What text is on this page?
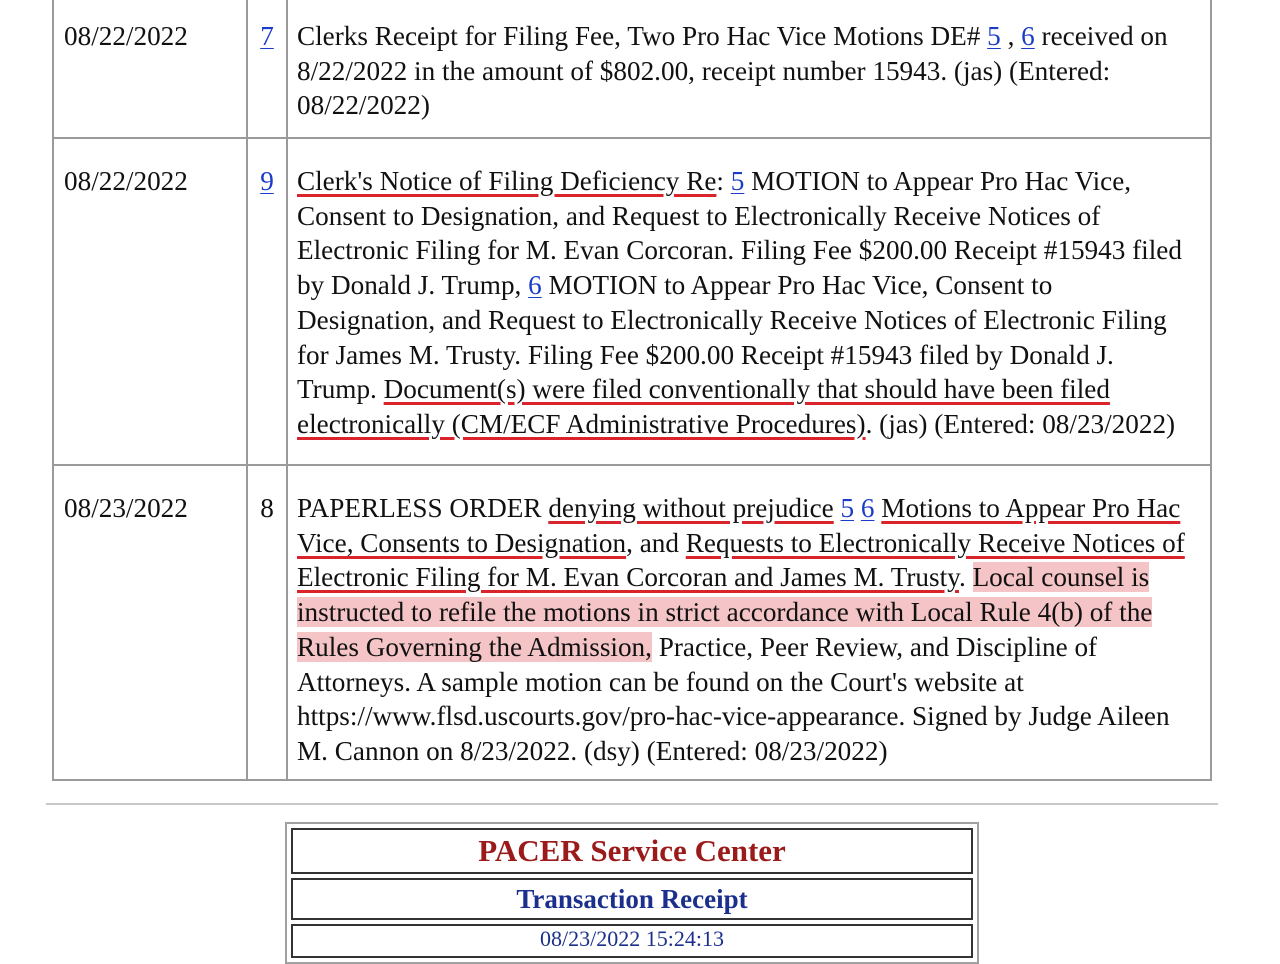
08/22/2022	7	Clerks Receipt for Filing Fee, Two Pro Hac Vice Motions DE# 5 , 6 received on 8/22/2022 in the amount of $802.00, receipt number 15943. (jas) (Entered: 08/22/2022)
08/22/2022	9	Clerk's Notice of Filing Deficiency Re: 5 MOTION to Appear Pro Hac Vice, Consent to Designation, and Request to Electronically Receive Notices of Electronic Filing for M. Evan Corcoran. Filing Fee $200.00 Receipt #15943 filed by Donald J. Trump, 6 MOTION to Appear Pro Hac Vice, Consent to Designation, and Request to Electronically Receive Notices of Electronic Filing for James M. Trusty. Filing Fee $200.00 Receipt #15943 filed by Donald J. Trump. Document(s) were filed conventionally that should have been filed electronically (CM/ECF Administrative Procedures). (jas) (Entered: 08/23/2022)
08/23/2022	8	PAPERLESS ORDER denying without prejudice 5 6 Motions to Appear Pro Hac Vice, Consents to Designation, and Requests to Electronically Receive Notices of Electronic Filing for M. Evan Corcoran and James M. Trusty. Local counsel is instructed to refile the motions in strict accordance with Local Rule 4(b) of the Rules Governing the Admission, Practice, Peer Review, and Discipline of Attorneys. A sample motion can be found on the Court's website at https://www.flsd.uscourts.gov/pro-hac-vice-appearance. Signed by Judge Aileen M. Cannon on 8/23/2022. (dsy) (Entered: 08/23/2022)
PACER Service Center
Transaction Receipt
08/23/2022 15:24:13
